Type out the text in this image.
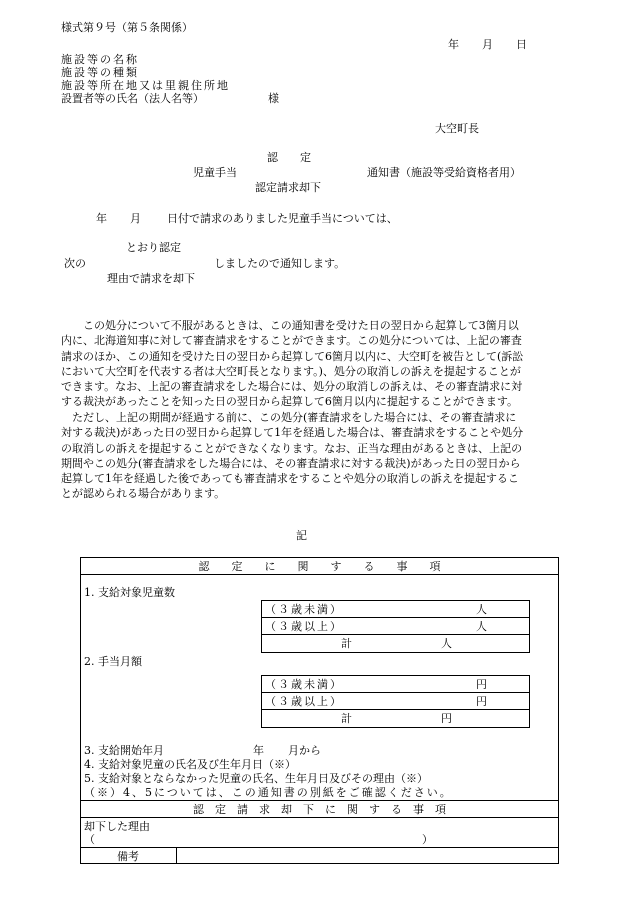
様式第９号（第５条関係）
年 月 日
施設等の名称
施設等の種類
施設等所在地又は里親住所地
設置者等の氏名（法人名等）	様
大空町長
認　　定
児童手当	通知書（施設等受給資格者用）
認定請求却下
年 月 日付で請求のありました児童手当については、
とおり認定
次の	しましたので通知します。
理由で請求を却下
この処分について不服があるときは、この通知書を受けた日の翌日から起算して3箇月以内に、北海道知事に対して審査請求をすることができます。この処分については、上記の審査請求のほか、この通知を受けた日の翌日から起算して6箇月以内に、大空町を被告として(訴訟において大空町を代表する者は大空町長となります。)、処分の取消しの訴えを提起することができます。なお、上記の審査請求をした場合には、処分の取消しの訴えは、その審査請求に対する裁決があったことを知った日の翌日から起算して6箇月以内に提起することができます。
ただし、上記の期間が経過する前に、この処分(審査請求をした場合には、その審査請求に対する裁決)があった日の翌日から起算して1年を経過した場合は、審査請求をすることや処分の取消しの訴えを提起することができなくなります。なお、正当な理由があるときは、上記の期間やこの処分(審査請求をした場合には、その審査請求に対する裁決)があった日の翌日から起算して1年を経過した後であっても審査請求をすることや処分の取消しの訴えを提起することが認められる場合があります。
記
認　　定　　に　　関　　す　　る　　事　　項
1. 支給対象児童数
（３歳未満）	人
（３歳以上）	人
計	人
2. 手当月額
（３歳未満）	円
（３歳以上）	円
計	円
3. 支給開始年月	年 月から
4. 支給対象児童の氏名及び生年月日（※）
5. 支給対象とならなかった児童の氏名、生年月日及びその理由（※）
（※）4、5については、この通知書の別紙をご確認ください。
認　定　請　求　却　下　に　関　す　る　事　項
却下した理由
（	）
備考
